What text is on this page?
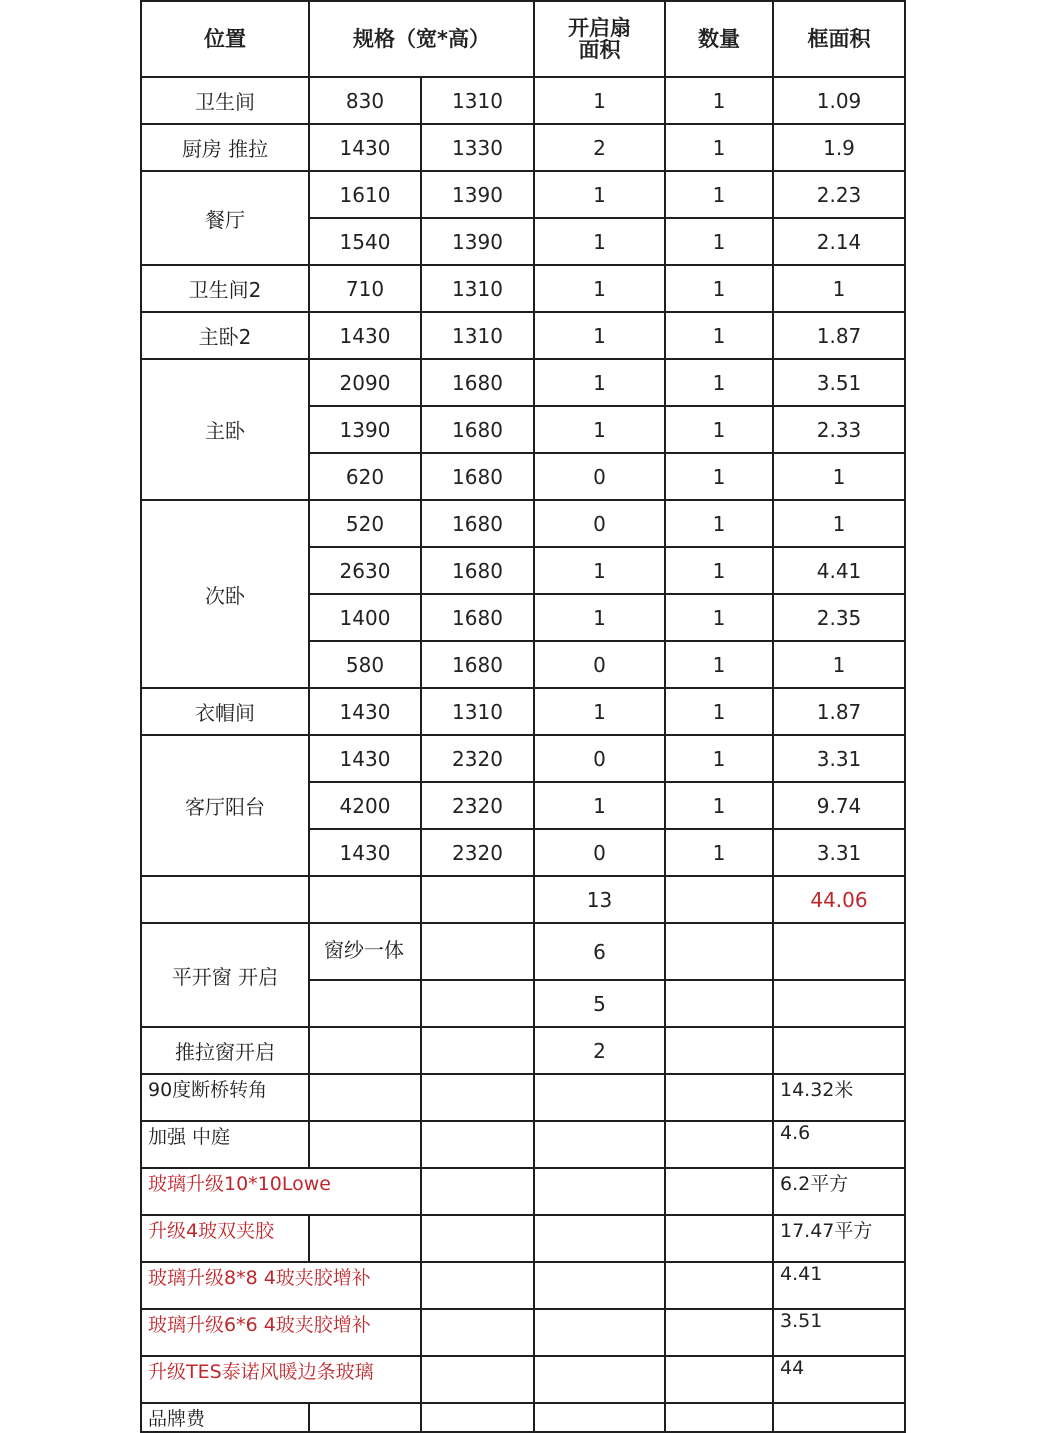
位置	规格（宽*高）		开启扇面积	数量	框面积
卫生间	830	1310	1	1	1.09
厨房 推拉	1430	1330	2	1	1.9
餐厅	1610	1390	1	1	2.23
	1540	1390	1	1	2.14
卫生间2	710	1310	1	1	1
主卧2	1430	1310	1	1	1.87
主卧	2090	1680	1	1	3.51
	1390	1680	1	1	2.33
	620	1680	0	1	1
次卧	520	1680	0	1	1
	2630	1680	1	1	4.41
	1400	1680	1	1	2.35
	580	1680	0	1	1
衣帽间	1430	1310	1	1	1.87
客厅阳台	1430	2320	0	1	3.31
	4200	2320	1	1	9.74
	1430	2320	0	1	3.31
			13		44.06
平开窗 开启	窗纱一体		6		
			5		
推拉窗开启			2		
90度断桥转角					14.32米
加强 中庭					4.6
玻璃升级10*10Lowe					6.2平方
升级4玻双夹胶					17.47平方
玻璃升级8*8 4玻夹胶增补					4.41
玻璃升级6*6 4玻夹胶增补					3.51
升级TES泰诺风暖边条玻璃					44
品牌费					
